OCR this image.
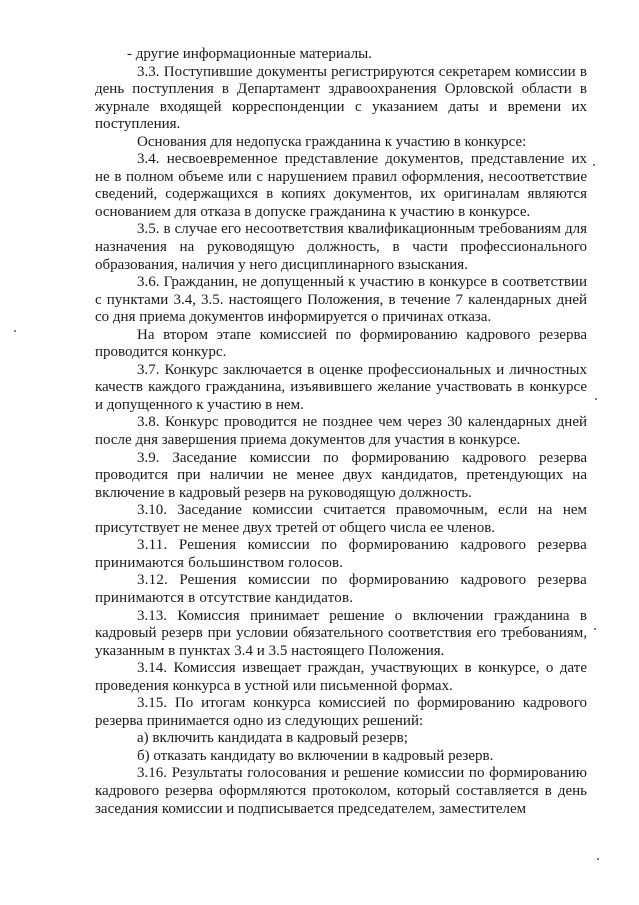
- другие информационные материалы.

3.3. Поступившие документы регистрируются секретарем комиссии в день поступления в Департамент здравоохранения Орловской области в журнале входящей корреспонденции с указанием даты и времени их поступления.

Основания для недопуска гражданина к участию в конкурсе:

3.4. несвоевременное представление документов, представление их не в полном объеме или с нарушением правил оформления, несоответствие сведений, содержащихся в копиях документов, их оригиналам являются основанием для отказа в допуске гражданина к участию в конкурсе.

3.5. в случае его несоответствия квалификационным требованиям для назначения на руководящую должность, в части профессионального образования, наличия у него дисциплинарного взыскания.

3.6. Гражданин, не допущенный к участию в конкурсе в соответствии с пунктами 3.4, 3.5. настоящего Положения, в течение 7 календарных дней со дня приема документов информируется о причинах отказа.

На втором этапе комиссией по формированию кадрового резерва проводится конкурс.

3.7. Конкурс заключается в оценке профессиональных и личностных качеств каждого гражданина, изъявившего желание участвовать в конкурсе и допущенного к участию в нем.

3.8. Конкурс проводится не позднее чем через 30 календарных дней после дня завершения приема документов для участия в конкурсе.

3.9. Заседание комиссии по формированию кадрового резерва проводится при наличии не менее двух кандидатов, претендующих на включение в кадровый резерв на руководящую должность.

3.10. Заседание комиссии считается правомочным, если на нем присутствует не менее двух третей от общего числа ее членов.

3.11. Решения комиссии по формированию кадрового резерва принимаются большинством голосов.

3.12. Решения комиссии по формированию кадрового резерва принимаются в отсутствие кандидатов.

3.13. Комиссия принимает решение о включении гражданина в кадровый резерв при условии обязательного соответствия его требованиям, указанным в пунктах 3.4 и 3.5 настоящего Положения.

3.14. Комиссия извещает граждан, участвующих в конкурсе, о дате проведения конкурса в устной или письменной формах.

3.15. По итогам конкурса комиссией по формированию кадрового резерва принимается одно из следующих решений:

а) включить кандидата в кадровый резерв;

б) отказать кандидату во включении в кадровый резерв.

3.16. Результаты голосования и решение комиссии по формированию кадрового резерва оформляются протоколом, который составляется в день заседания комиссии и подписывается председателем, заместителем
